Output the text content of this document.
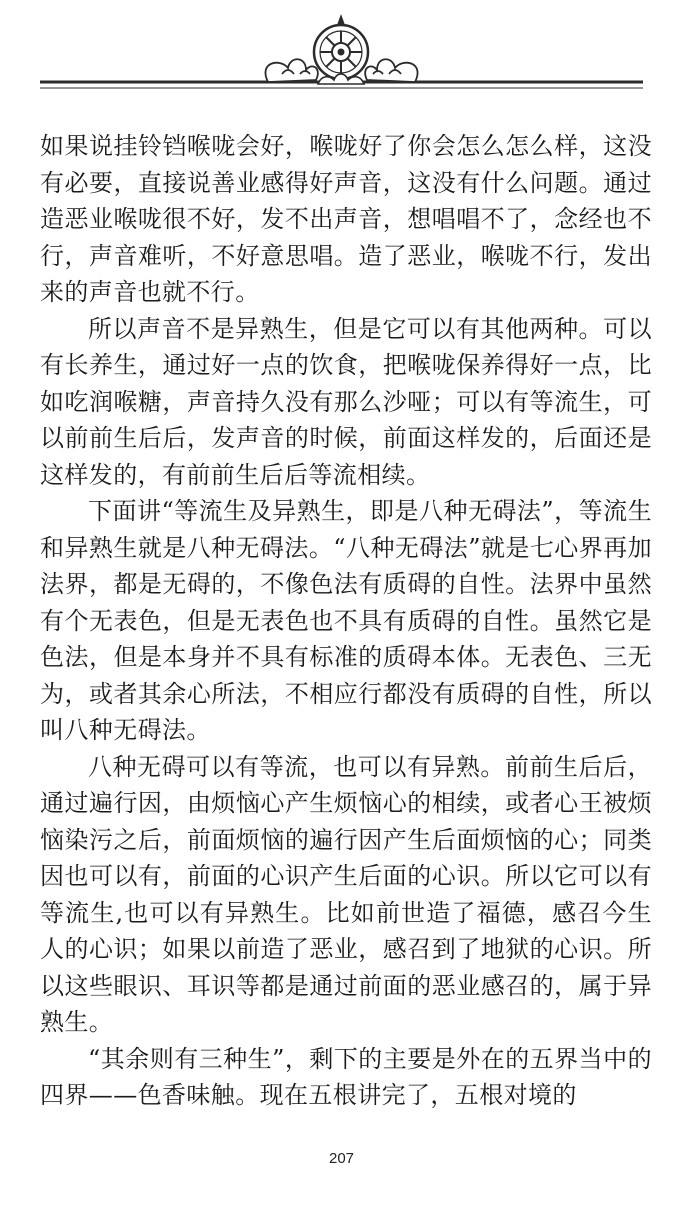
如果说挂铃铛喉咙会好，喉咙好了你会怎么怎么样，这没有必要，直接说善业感得好声音，这没有什么问题。通过造恶业喉咙很不好，发不出声音，想唱唱不了，念经也不行，声音难听，不好意思唱。造了恶业，喉咙不行，发出来的声音也就不行。

所以声音不是异熟生，但是它可以有其他两种。可以有长养生，通过好一点的饮食，把喉咙保养得好一点，比如吃润喉糖，声音持久没有那么沙哑；可以有等流生，可以前前生后后，发声音的时候，前面这样发的，后面还是这样发的，有前前生后后等流相续。

下面讲“等流生及异熟生，即是八种无碍法”，等流生和异熟生就是八种无碍法。“八种无碍法”就是七心界再加法界，都是无碍的，不像色法有质碍的自性。法界中虽然有个无表色，但是无表色也不具有质碍的自性。虽然它是色法，但是本身并不具有标准的质碍本体。无表色、三无为，或者其余心所法，不相应行都没有质碍的自性，所以叫八种无碍法。

八种无碍可以有等流，也可以有异熟。前前生后后，通过遍行因，由烦恼心产生烦恼心的相续，或者心王被烦恼染污之后，前面烦恼的遍行因产生后面烦恼的心；同类因也可以有，前面的心识产生后面的心识。所以它可以有等流生,也可以有异熟生。比如前世造了福德，感召今生人的心识；如果以前造了恶业，感召到了地狱的心识。所以这些眼识、耳识等都是通过前面的恶业感召的，属于异熟生。

“其余则有三种生”，剩下的主要是外在的五界当中的四界——色香味触。现在五根讲完了，五根对境的

207
